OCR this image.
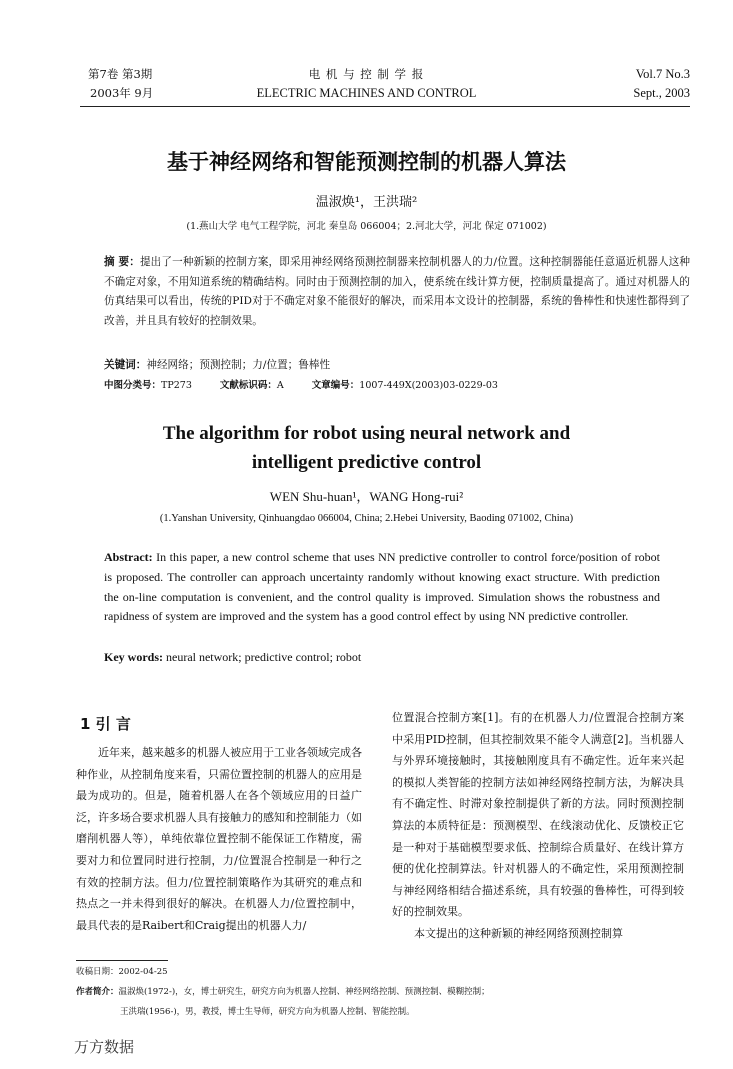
第7卷 第3期
2003年 9月
电 机 与 控 制 学 报
ELECTRIC MACHINES AND CONTROL
Vol.7 No.3
Sept., 2003
基于神经网络和智能预测控制的机器人算法
温淑焕¹，王洪瑞²
(1.燕山大学 电气工程学院，河北 秦皇岛 066004；2.河北大学，河北 保定 071002)
摘 要：提出了一种新颖的控制方案，即采用神经网络预测控制器来控制机器人的力/位置。这种控制器能任意逼近机器人这种不确定对象，不用知道系统的精确结构。同时由于预测控制的加入，使系统在线计算方便，控制质量提高了。通过对机器人的仿真结果可以看出，传统的PID对于不确定对象不能很好的解决，而采用本文设计的控制器，系统的鲁棒性和快速性都得到了改善，并且具有较好的控制效果。
关键词：神经网络；预测控制；力/位置；鲁棒性
中图分类号：TP273	文献标识码：A	文章编号：1007-449X(2003)03-0229-03
The algorithm for robot using neural network and
intelligent predictive control
WEN Shu-huan¹，WANG Hong-rui²
(1.Yanshan University, Qinhuangdao 066004, China; 2.Hebei University, Baoding 071002, China)
Abstract: In this paper, a new control scheme that uses NN predictive controller to control force/position of robot is proposed. The controller can approach uncertainty randomly without knowing exact structure. With prediction the on-line computation is convenient, and the control quality is improved. Simulation shows the robustness and rapidness of system are improved and the system has a good control effect by using NN predictive controller.
Key words: neural network; predictive control; robot
1 引 言

近年来，越来越多的机器人被应用于工业各领域完成各种作业，从控制角度来看，只需位置控制的机器人的应用是最为成功的。但是，随着机器人在各个领域应用的日益广泛，许多场合要求机器人具有接触力的感知和控制能力（如磨削机器人等），单纯依靠位置控制不能保证工作精度，需要对力和位置同时进行控制，力/位置混合控制是一种行之有效的控制方法。但力/位置控制策略作为其研究的难点和热点之一并未得到很好的解决。在机器人力/位置控制中，最具代表的是Raibert和Craig提出的机器人力/

位置混合控制方案[1]。有的在机器人力/位置混合控制方案中采用PID控制，但其控制效果不能令人满意[2]。当机器人与外界环境接触时，其接触刚度具有不确定性。近年来兴起的模拟人类智能的控制方法如神经网络控制方法，为解决具有不确定性、时滞对象控制提供了新的方法。同时预测控制算法的本质特征是：预测模型、在线滚动优化、反馈校正它是一种对于基础模型要求低、控制综合质量好、在线计算方便的优化控制算法。针对机器人的不确定性，采用预测控制与神经网络相结合描述系统，具有较强的鲁棒性，可得到较好的控制效果。

本文提出的这种新颖的神经网络预测控制算

收稿日期：2002-04-25
作者简介：温淑焕(1972-)，女，博士研究生，研究方向为机器人控制、神经网络控制、预测控制、模糊控制；
王洪瑞(1956-)，男，教授，博士生导师，研究方向为机器人控制、智能控制。
万方数据
